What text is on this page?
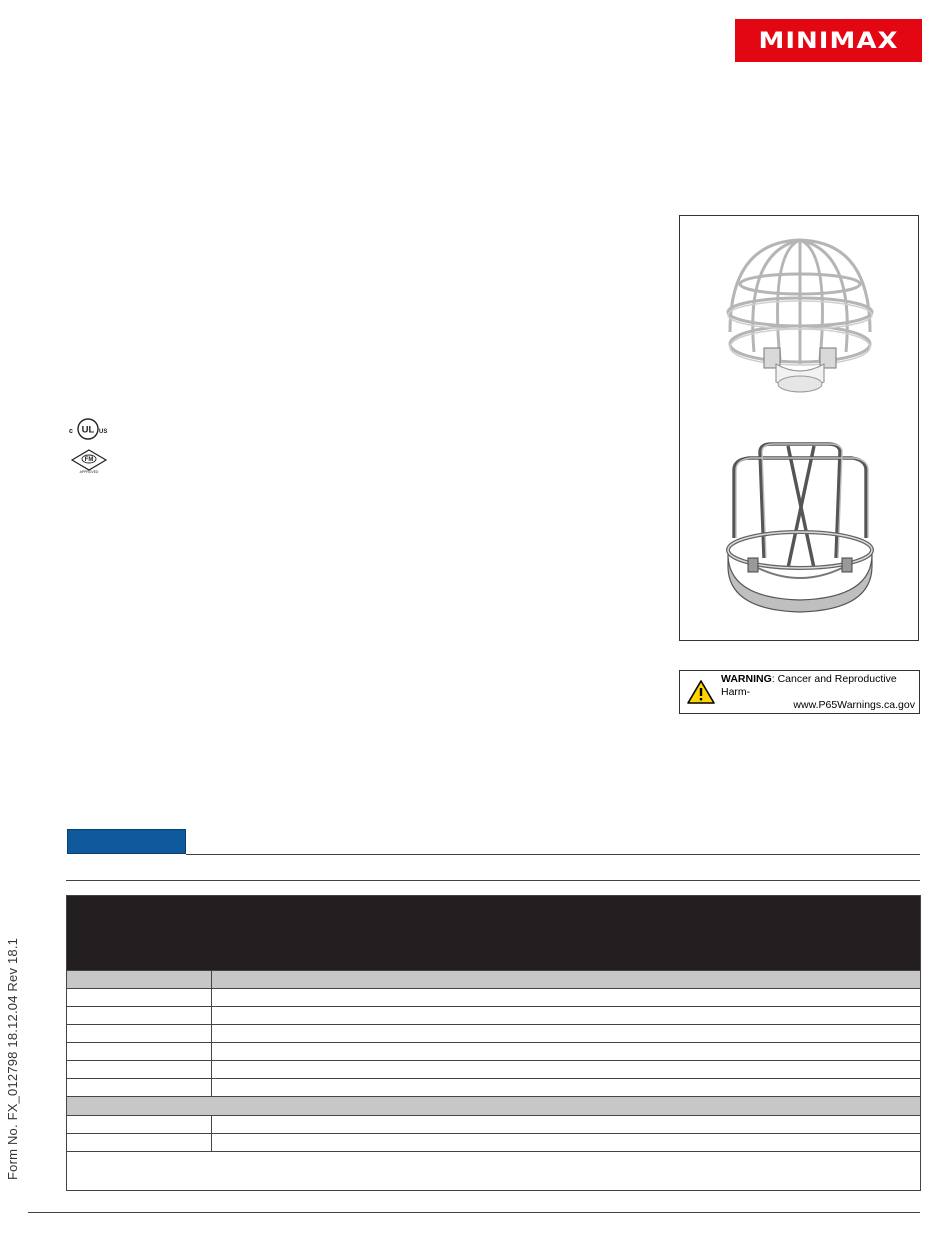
MINIMAX
c UL US
FM
APPROVED
WARNING: Cancer and Reproductive Harm-
www.P65Warnings.ca.gov
Form No. FX_012798 18.12.04 Rev 18.1
